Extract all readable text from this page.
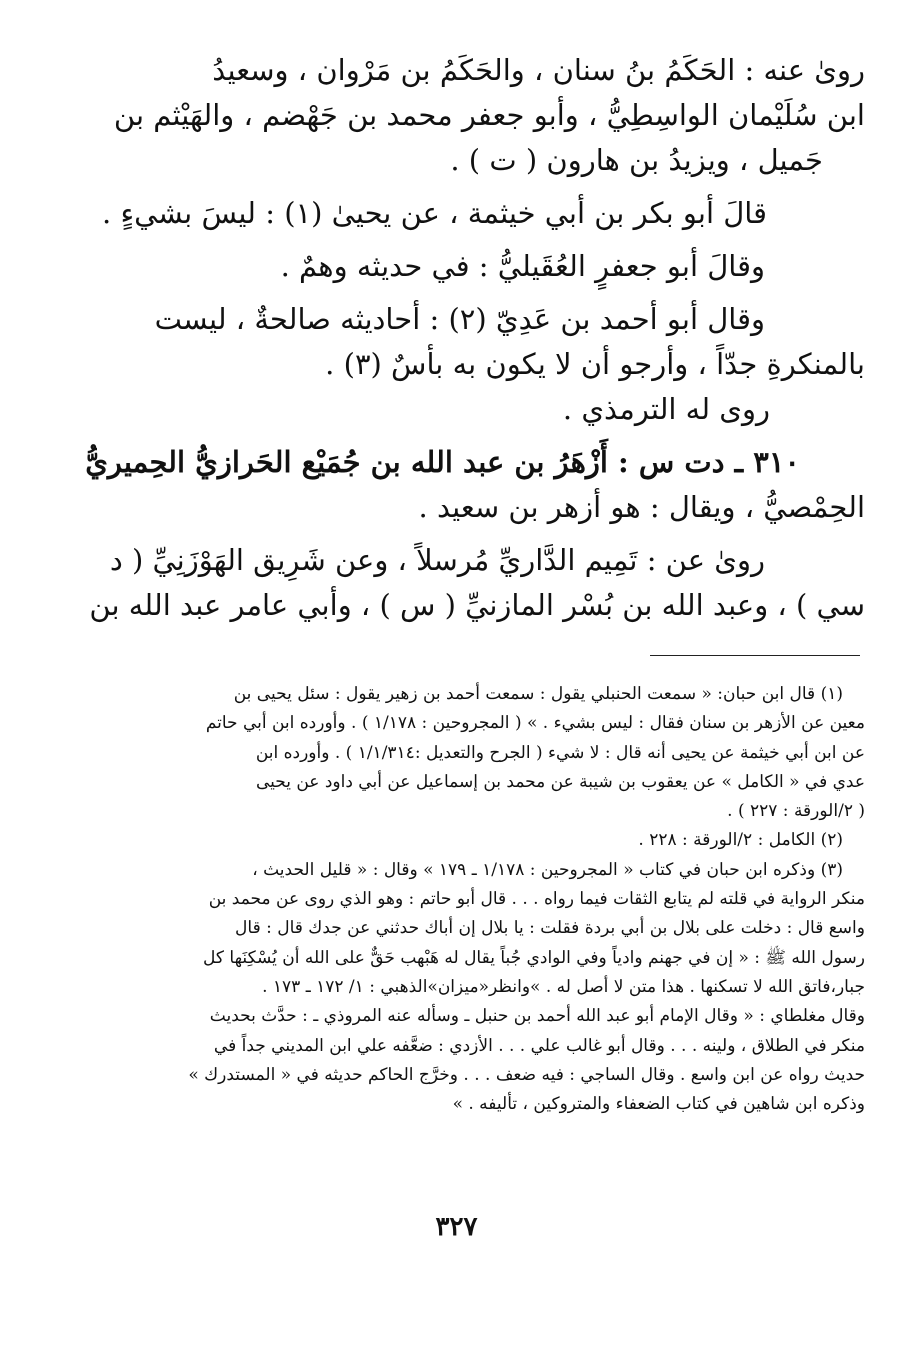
روىٰ عنه : الحَكَمُ بنُ سنان ، والحَكَمُ بن مَرْوان ، وسعيدُ
ابن سُلَيْمان الواسِطِيُّ ، وأبو جعفر محمد بن جَهْضم ، والهَيْثم بن
جَميل ، ويزيدُ بن هارون ( ت ) .
قالَ أبو بكر بن أبي خيثمة ، عن يحيىٰ (١) : ليسَ بشيءٍ .
وقالَ أبو جعفرٍ العُقَيليُّ : في حديثه وهمٌ .
وقال أبو أحمد بن عَدِيّ (٢) : أحاديثه صالحةٌ ، ليست
بالمنكرةِ جدّاً ، وأرجو أن لا يكون به بأسٌ (٣) .
روى له الترمذي .
٣١٠ ـ دت س : أَزْهَرُ بن عبد الله بن جُمَيْع الحَرازيُّ الحِميريُّ
الحِمْصيُّ ، ويقال : هو أزهر بن سعيد .
روىٰ عن : تَمِيم الدَّاريِّ مُرسلاً ، وعن شَرِيق الهَوْزَنِيِّ ( د
سي ) ، وعبد الله بن بُسْر المازنيِّ ( س ) ، وأبي عامر عبد الله بن
(١) قال ابن حبان: « سمعت الحنبلي يقول : سمعت أحمد بن زهير يقول : سئل يحيى بن
معين عن الأزهر بن سنان فقال : ليس بشيء . » ( المجروحين : ١/١٧٨ ) . وأورده ابن أبي حاتم
عن ابن أبي خيثمة عن يحيى أنه قال : لا شيء ( الجرح والتعديل :١/١/٣١٤ ) . وأورده ابن
عدي في « الكامل » عن يعقوب بن شيبة عن محمد بن إسماعيل عن أبي داود عن يحيى
( ٢/الورقة : ٢٢٧ ) .
(٢) الكامل : ٢/الورقة : ٢٢٨ .
(٣) وذكره ابن حبان في كتاب « المجروحين : ١/١٧٨ ـ ١٧٩ » وقال : « قليل الحديث ،
منكر الرواية في قلته لم يتابع الثقات فيما رواه . . . قال أبو حاتم : وهو الذي روى عن محمد بن
واسع قال : دخلت على بلال بن أبي بردة فقلت : يا بلال إن أباك حدثني عن جدك قال : قال
رسول الله ﷺ : « إن في جهنم وادياً وفي الوادي جُباً يقال له هَبْهب حَقٌّ على الله أن يُسْكِنَها كل
جبار،فاتق الله لا تسكنها . هذا متن لا أصل له . »وانظر«ميزان»الذهبي : ١/ ١٧٢ ـ ١٧٣ .
وقال مغلطاي : « وقال الإمام أبو عبد الله أحمد بن حنبل ـ وسأله عنه المروذي ـ : حدَّث بحديث
منكر في الطلاق ، ولينه . . . وقال أبو غالب علي . . . الأزدي : ضعَّفه علي ابن المديني جداً في
حديث رواه عن ابن واسع . وقال الساجي : فيه ضعف . . . وخرَّج الحاكم حديثه في « المستدرك »
وذكره ابن شاهين في كتاب الضعفاء والمتروكين ، تأليفه . »
٣٢٧
